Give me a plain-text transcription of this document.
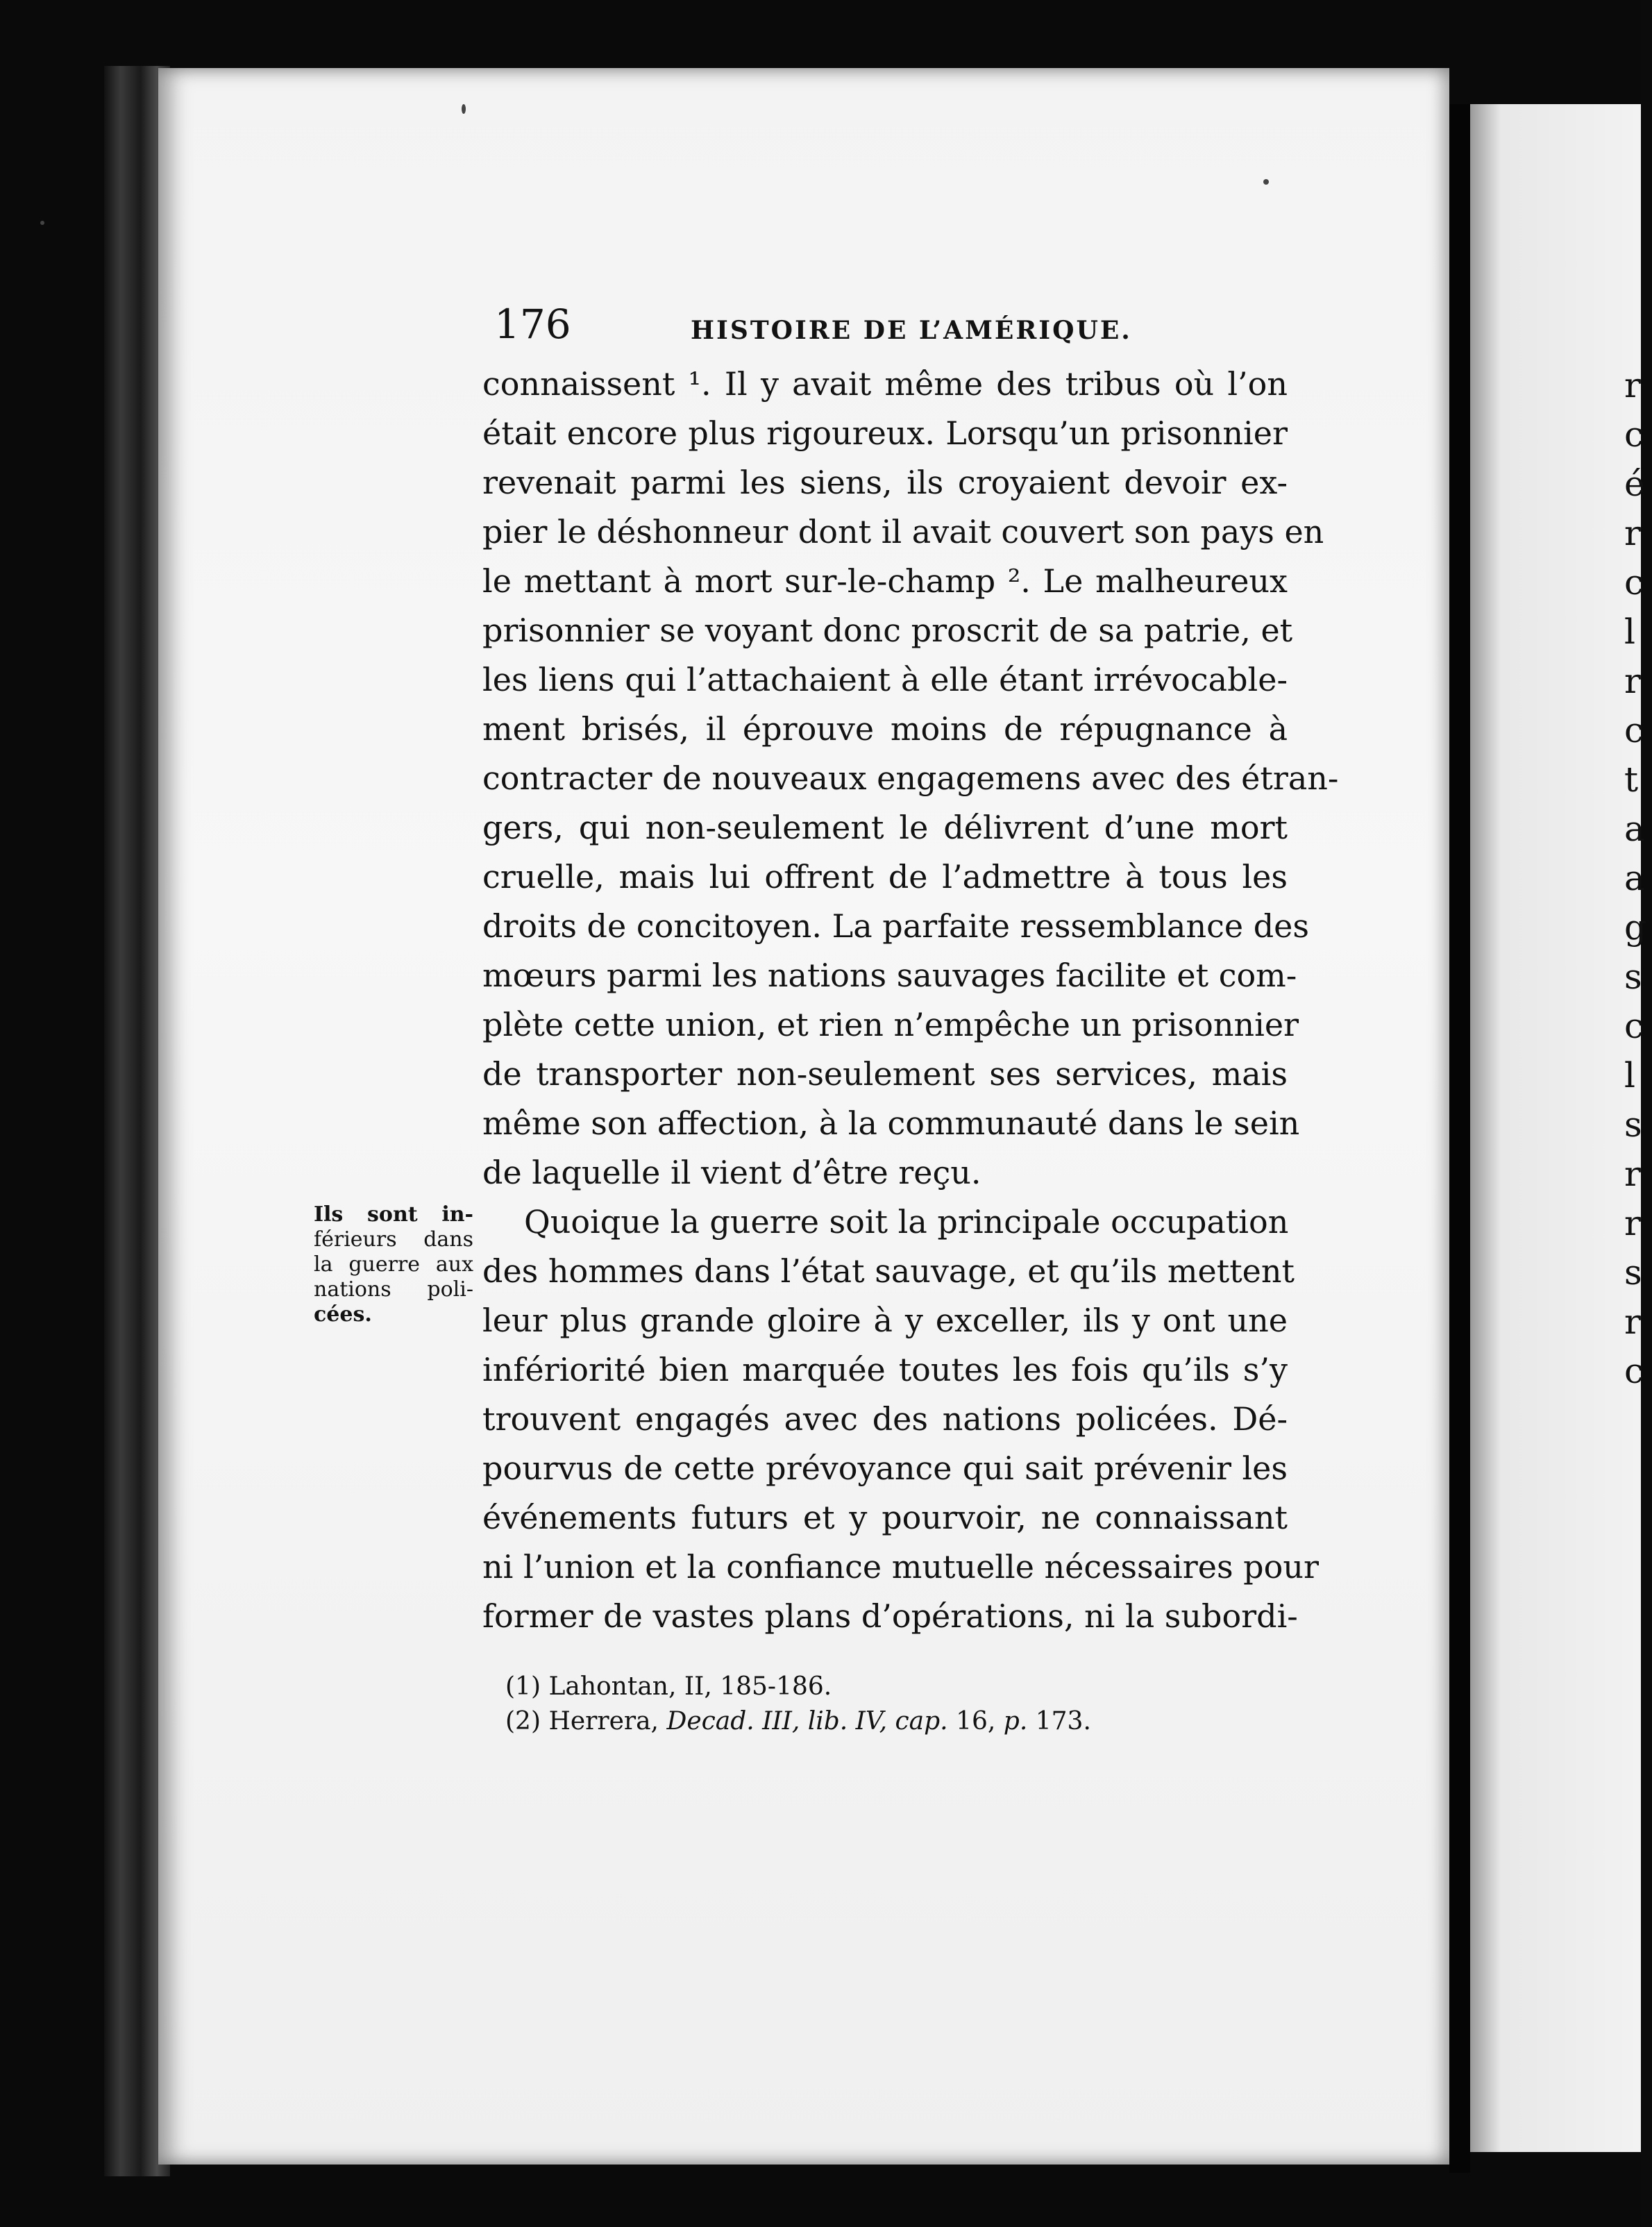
r
c
é
r
c
l
r
c
t
a
a
g
s
c
l
s
r
r
s
r
c
176	HISTOIRE DE L’AMÉRIQUE.
connaissent ¹. Il y avait même des tribus où l’on
était encore plus rigoureux. Lorsqu’un prisonnier
revenait parmi les siens, ils croyaient devoir ex-
pier le déshonneur dont il avait couvert son pays en
le mettant à mort sur-le-champ ². Le malheureux
prisonnier se voyant donc proscrit de sa patrie, et
les liens qui l’attachaient à elle étant irrévocable-
ment brisés, il éprouve moins de répugnance à
contracter de nouveaux engagemens avec des étran-
gers, qui non-seulement le délivrent d’une mort
cruelle, mais lui offrent de l’admettre à tous les
droits de concitoyen. La parfaite ressemblance des
mœurs parmi les nations sauvages facilite et com-
plète cette union, et rien n’empêche un prisonnier
de transporter non-seulement ses services, mais
même son affection, à la communauté dans le sein
de laquelle il vient d’être reçu.
Quoique la guerre soit la principale occupation
des hommes dans l’état sauvage, et qu’ils mettent
leur plus grande gloire à y exceller, ils y ont une
infériorité bien marquée toutes les fois qu’ils s’y
trouvent engagés avec des nations policées. Dé-
pourvus de cette prévoyance qui sait prévenir les
événements futurs et y pourvoir, ne connaissant
ni l’union et la confiance mutuelle nécessaires pour
former de vastes plans d’opérations, ni la subordi-
Ils sont in-
férieurs dans
la guerre aux
nations poli-
cées.
(1) Lahontan, II, 185-186.
(2) Herrera, Decad. III, lib. IV, cap. 16, p. 173.
